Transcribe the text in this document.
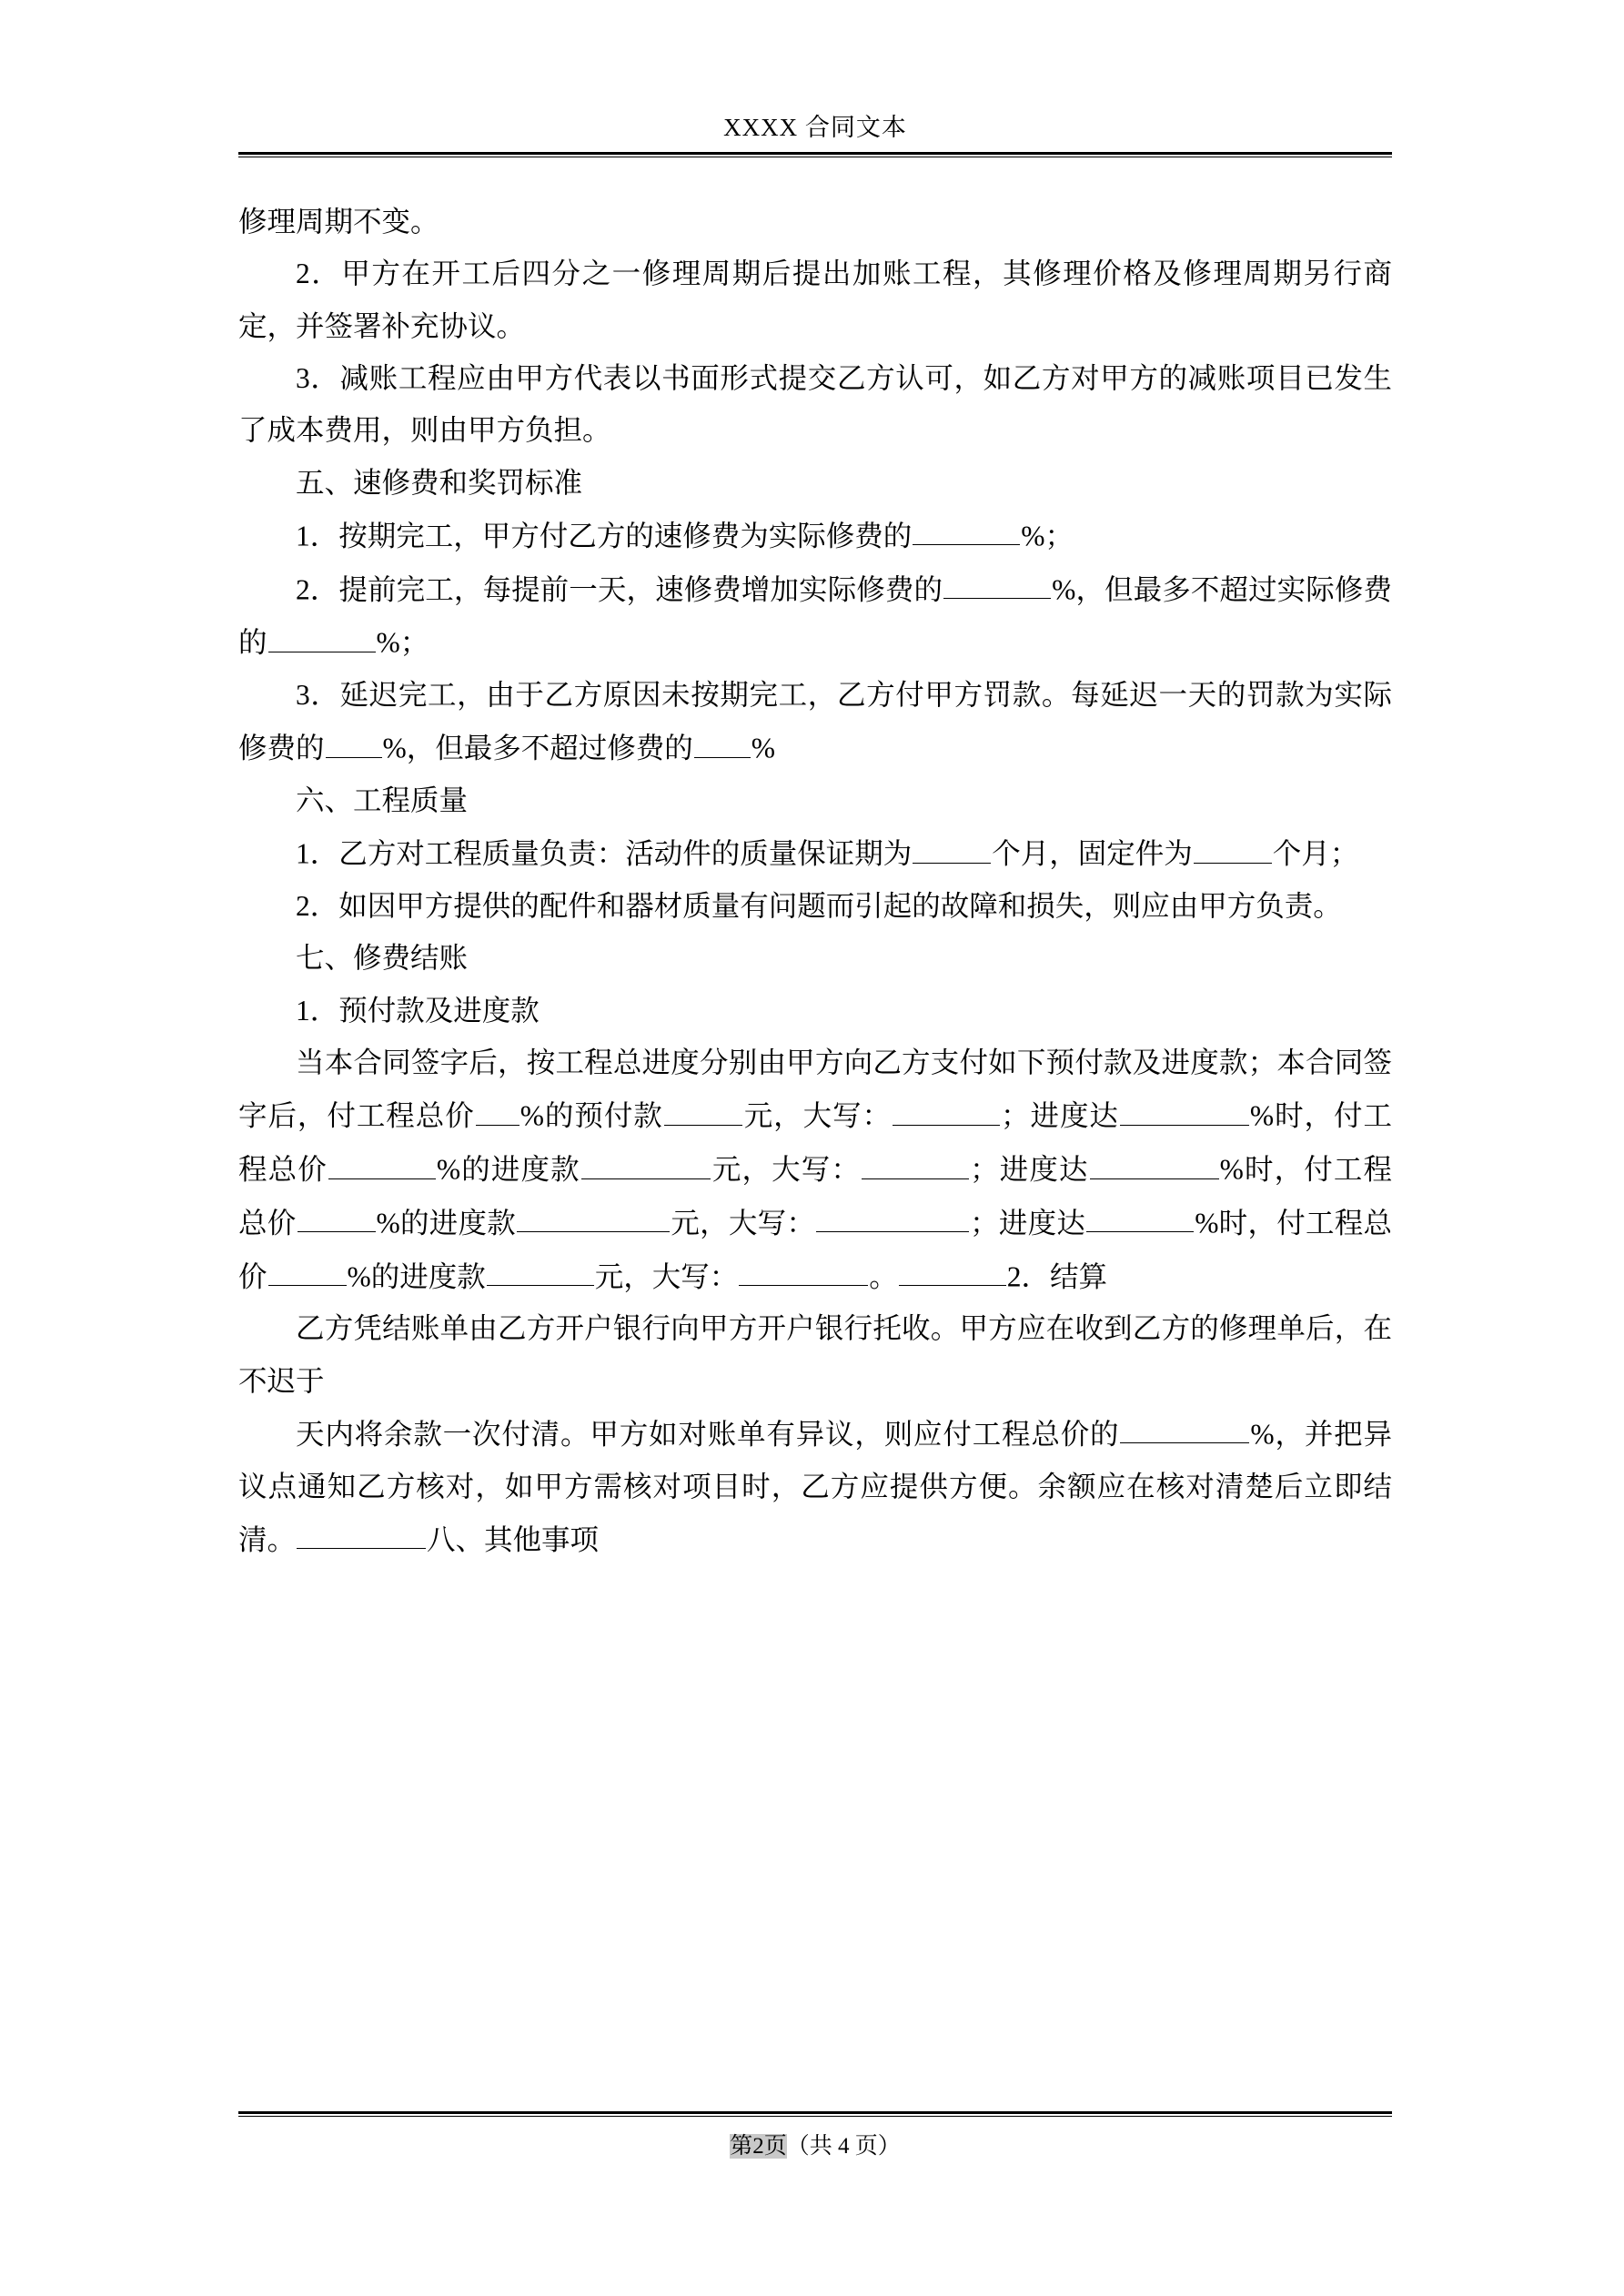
XXXX 合同文本

修理周期不变。

2．甲方在开工后四分之一修理周期后提出加账工程，其修理价格及修理周期另行商定，并签署补充协议。

3．减账工程应由甲方代表以书面形式提交乙方认可，如乙方对甲方的减账项目已发生了成本费用，则由甲方负担。

五、速修费和奖罚标准

1．按期完工，甲方付乙方的速修费为实际修费的	%；

2．提前完工，每提前一天，速修费增加实际修费的	%，但最多不超过实际修费的	%；

3．延迟完工，由于乙方原因未按期完工，乙方付甲方罚款。每延迟一天的罚款为实际修费的 %，但最多不超过修费的 %

六、工程质量

1．乙方对工程质量负责：活动件的质量保证期为	个月，固定件为	个月；

2．如因甲方提供的配件和器材质量有问题而引起的故障和损失，则应由甲方负责。

七、修费结账

1．预付款及进度款

当本合同签字后，按工程总进度分别由甲方向乙方支付如下预付款及进度款；本合同签字后，付工程总价 %的预付款	元，大写：	；进度达	%时，付工程总价	%的进度款	元，大写：	；进度达	%时，付工程总价	%的进度款	元，大写：	；进度达	%时，付工程总价	%的进度款	元，大写：	。	2．结算

乙方凭结账单由乙方开户银行向甲方开户银行托收。甲方应在收到乙方的修理单后，在不迟于

天内将余款一次付清。甲方如对账单有异议，则应付工程总价的	%，并把异议点通知乙方核对，如甲方需核对项目时，乙方应提供方便。余额应在核对清楚后立即结清。	八、其他事项

第2页（共 4 页）
